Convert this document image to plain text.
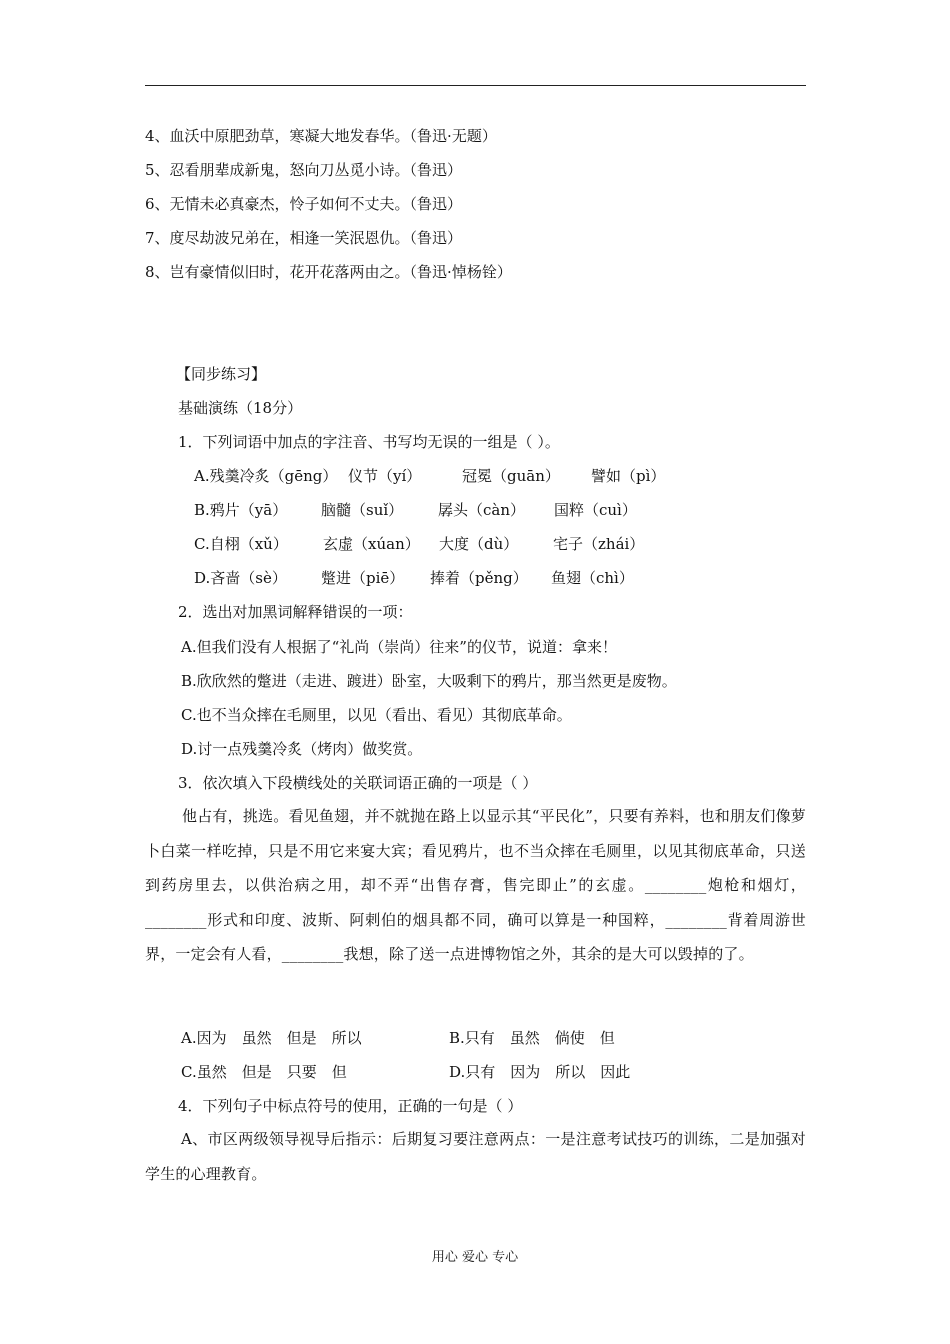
4、血沃中原肥劲草，寒凝大地发春华。（鲁迅·无题）
5、忍看朋辈成新鬼，怒向刀丛觅小诗。（鲁迅）
6、无情未必真豪杰，怜子如何不丈夫。（鲁迅）
7、度尽劫波兄弟在，相逢一笑泯恩仇。（鲁迅）
8、岂有豪情似旧时，花开花落两由之。（鲁迅·悼杨铨）
【同步练习】
基础演练（18分）
1．下列词语中加点的字注音、书写均无误的一组是（ ）。
A.残羹冷炙（gēng） 仪节（yí）	冠冕（guān） 譬如（pì）
B.鸦片（yā） 脑髓（suǐ） 孱头（càn） 国粹（cuì）
C.自栩（xǔ） 玄虚（xúan） 大度（dù） 宅子（zhái）
D.吝啬（sè） 蹩进（piē） 捧着（pěng） 鱼翅（chì）
2．选出对加黑词解释错误的一项：
A.但我们没有人根据了“礼尚（崇尚）往来”的仪节，说道：拿来！
B.欣欣然的蹩进（走进、踱进）卧室，大吸剩下的鸦片，那当然更是废物。
C.也不当众摔在毛厕里，以见（看出、看见）其彻底革命。
D.讨一点残羹冷炙（烤肉）做奖赏。
3．依次填入下段横线处的关联词语正确的一项是（ ）
他占有，挑选。看见鱼翅，并不就抛在路上以显示其“平民化”，只要有养料，也和朋友们像萝卜白菜一样吃掉，只是不用它来宴大宾；看见鸦片，也不当众摔在毛厕里，以见其彻底革命，只送到药房里去，以供治病之用，却不弄“出售存膏，售完即止”的玄虚。________炮枪和烟灯，________形式和印度、波斯、阿剌伯的烟具都不同，确可以算是一种国粹，________背着周游世界，一定会有人看，________我想，除了送一点进博物馆之外，其余的是大可以毁掉的了。
A.因为　虽然　但是　所以	B.只有　虽然　倘使　但
C.虽然　但是　只要　但	D.只有　因为　所以　因此
4．下列句子中标点符号的使用，正确的一句是（ ）
A、市区两级领导视导后指示：后期复习要注意两点：一是注意考试技巧的训练，二是加强对学生的心理教育。
用心 爱心 专心
